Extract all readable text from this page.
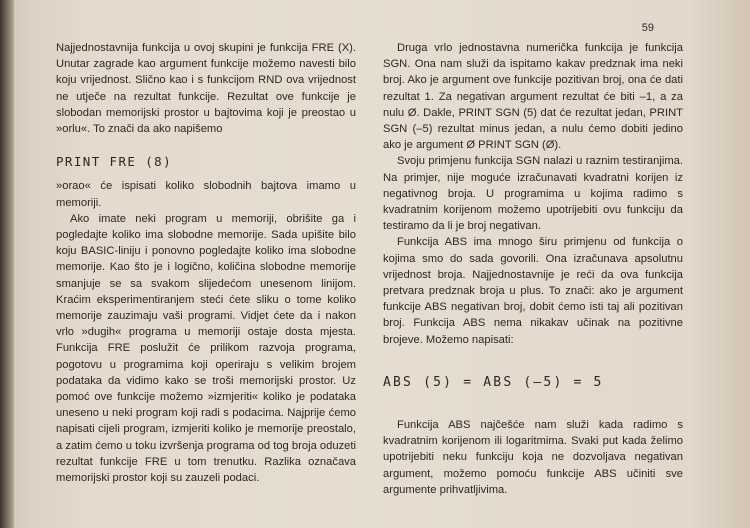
59

Najjednostavnija funkcija u ovoj skupini je funkcija FRE (X). Unutar zagrade kao argument funkcije možemo navesti bilo koju vrijednost. Slično kao i s funkcijom RND ova vrijednost ne utječe na rezultat funkcije. Rezultat ove funkcije je slobodan memorijski prostor u bajtovima koji je preostao u »orlu«. To znači da ako napišemo

PRINT FRE (8)

»orao« će ispisati koliko slobodnih bajtova imamo u memoriji.

Ako imate neki program u memoriji, obrišite ga i pogledajte koliko ima slobodne memorije. Sada upišite bilo koju BASIC-liniju i ponovno pogledajte koliko ima slobodne memorije. Kao što je i logično, količina slobodne memorije smanjuje se sa svakom slijedećom unesenom linijom. Kraćim eksperimentiranjem steći ćete sliku o tome koliko memorije zauzimaju vaši programi. Vidjet ćete da i nakon vrlo »dugih« programa u memoriji ostaje dosta mjesta. Funkcija FRE poslužit će prilikom razvoja programa, pogotovu u programima koji operiraju s velikim brojem podataka da vidimo kako se troši memorijski prostor. Uz pomoć ove funkcije možemo »izmjeriti« koliko je podataka uneseno u neki program koji radi s podacima. Najprije ćemo napisati cijeli program, izmjeriti koliko je memorije preostalo, a zatim ćemo u toku izvršenja programa od tog broja oduzeti rezultat funkcije FRE u tom trenutku. Razlika označava memorijski prostor koji su zauzeli podaci.

Druga vrlo jednostavna numerička funkcija je funkcija SGN. Ona nam služi da ispitamo kakav predznak ima neki broj. Ako je argument ove funkcije pozitivan broj, ona će dati rezultat 1. Za negativan argument rezultat će biti –1, a za nulu Ø. Dakle, PRINT SGN (5) dat će rezultat jedan, PRINT SGN (–5) rezultat minus jedan, a nulu ćemo dobiti jedino ako je argument Ø PRINT SGN (Ø).

Svoju primjenu funkcija SGN nalazi u raznim testiranjima. Na primjer, nije moguće izračunavati kvadratni korijen iz negativnog broja. U programima u kojima radimo s kvadratnim korijenom možemo upotrijebiti ovu funkciju da testiramo da li je broj negativan.

Funkcija ABS ima mnogo širu primjenu od funkcija o kojima smo do sada govorili. Ona izračunava apsolutnu vrijednost broja. Najjednostavnije je reći da ova funkcija pretvara predznak broja u plus. To znači: ako je argument funkcije ABS negativan broj, dobit ćemo isti taj ali pozitivan broj. Funkcija ABS nema nikakav učinak na pozitivne brojeve. Možemo napisati:

ABS (5) = ABS (–5) = 5

Funkcija ABS najčešće nam služi kada radimo s kvadratnim korijenom ili logaritmima. Svaki put kada želimo upotrijebiti neku funkciju koja ne dozvoljava negativan argument, možemo pomoću funkcije ABS učiniti sve argumente prihvatljivima.
